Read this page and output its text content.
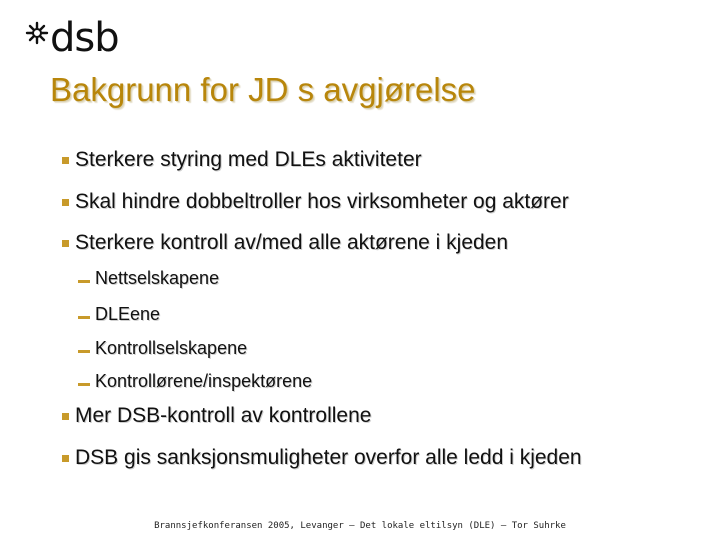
dsb
Bakgrunn for JD s avgjørelse
Sterkere styring med DLEs aktiviteter
Skal hindre dobbeltroller hos virksomheter og aktører
Sterkere kontroll av/med alle aktørene i kjeden
Nettselskapene
DLEene
Kontrollselskapene
Kontrollørene/inspektørene
Mer DSB-kontroll av kontrollene
DSB gis sanksjonsmuligheter overfor alle ledd i kjeden
Brannsjefkonferansen 2005, Levanger – Det lokale eltilsyn (DLE) – Tor Suhrke
